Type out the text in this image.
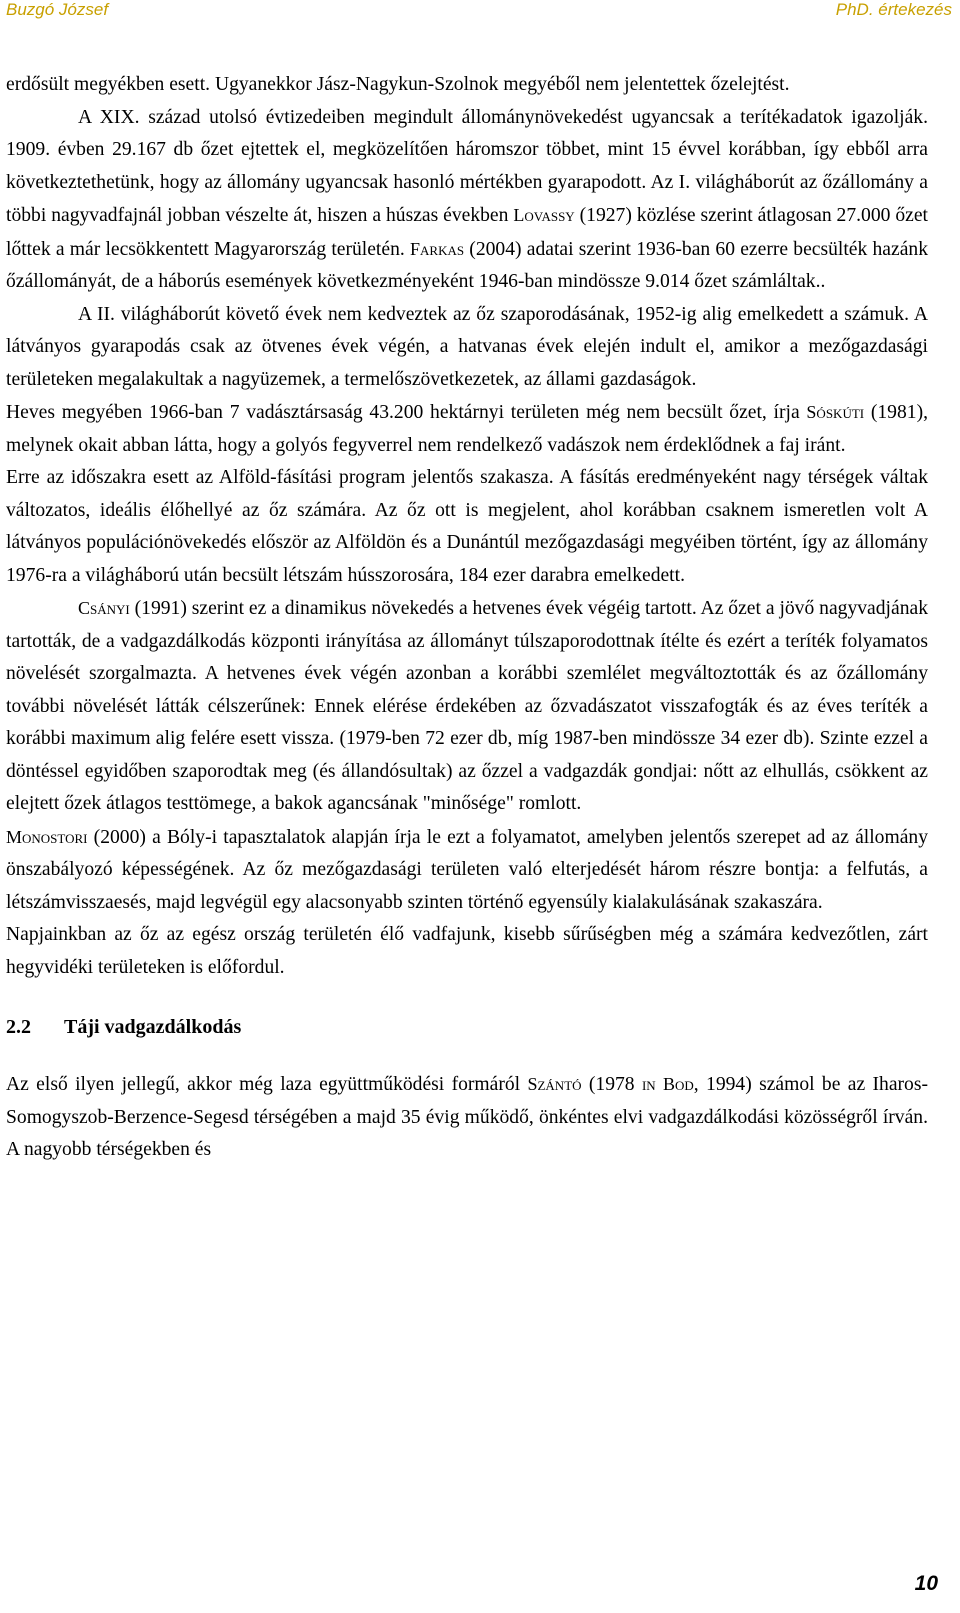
Buzgó József	PhD. értekezés

erdősült megyékben esett. Ugyanekkor Jász-Nagykun-Szolnok megyéből nem jelentettek őzelejtést.

A XIX. század utolsó évtizedeiben megindult állománynövekedést ugyancsak a terítékadatok igazolják. 1909. évben 29.167 db őzet ejtettek el, megközelítően háromszor többet, mint 15 évvel korábban, így ebből arra következtethetünk, hogy az állomány ugyancsak hasonló mértékben gyarapodott. Az I. világháborút az őzállomány a többi nagyvadfajnál jobban vészelte át, hiszen a húszas években Lovassy (1927) közlése szerint átlagosan 27.000 őzet lőttek a már lecsökkentett Magyarország területén. Farkas (2004) adatai szerint 1936-ban 60 ezerre becsülték hazánk őzállományát, de a háborús események következményeként 1946-ban mindössze 9.014 őzet számláltak..

A II. világháborút követő évek nem kedveztek az őz szaporodásának, 1952-ig alig emelkedett a számuk. A látványos gyarapodás csak az ötvenes évek végén, a hatvanas évek elején indult el, amikor a mezőgazdasági területeken megalakultak a nagyüzemek, a termelőszövetkezetek, az állami gazdaságok.

Heves megyében 1966-ban 7 vadásztársaság 43.200 hektárnyi területen még nem becsült őzet, írja Sóskúti (1981), melynek okait abban látta, hogy a golyós fegyverrel nem rendelkező vadászok nem érdeklődnek a faj iránt.

Erre az időszakra esett az Alföld-fásítási program jelentős szakasza. A fásítás eredményeként nagy térségek váltak változatos, ideális élőhellyé az őz számára. Az őz ott is megjelent, ahol korábban csaknem ismeretlen volt A látványos populációnövekedés először az Alföldön és a Dunántúl mezőgazdasági megyéiben történt, így az állomány 1976-ra a világháború után becsült létszám hússzorosára, 184 ezer darabra emelkedett.

Csányi (1991) szerint ez a dinamikus növekedés a hetvenes évek végéig tartott. Az őzet a jövő nagyvadjának tartották, de a vadgazdálkodás központi irányítása az állományt túlszaporodottnak ítélte és ezért a teríték folyamatos növelését szorgalmazta. A hetvenes évek végén azonban a korábbi szemlélet megváltoztották és az őzállomány további növelését látták célszerűnek: Ennek elérése érdekében az őzvadászatot visszafogták és az éves teríték a korábbi maximum alig felére esett vissza. (1979-ben 72 ezer db, míg 1987-ben mindössze 34 ezer db). Szinte ezzel a döntéssel egyidőben szaporodtak meg (és állandósultak) az őzzel a vadgazdák gondjai: nőtt az elhullás, csökkent az elejtett őzek átlagos testtömege, a bakok agancsának "minősége" romlott.

Monostori (2000) a Bóly-i tapasztalatok alapján írja le ezt a folyamatot, amelyben jelentős szerepet ad az állomány önszabályozó képességének. Az őz mezőgazdasági területen való elterjedését három részre bontja: a felfutás, a létszámvisszaesés, majd legvégül egy alacsonyabb szinten történő egyensúly kialakulásának szakaszára.

Napjainkban az őz az egész ország területén élő vadfajunk, kisebb sűrűségben még a számára kedvezőtlen, zárt hegyvidéki területeken is előfordul.

2.2 Táji vadgazdálkodás

Az első ilyen jellegű, akkor még laza együttműködési formáról Szántó (1978 in Bod, 1994) számol be az Iharos-Somogyszob-Berzence-Segesd térségében a majd 35 évig működő, önkéntes elvi vadgazdálkodási közösségről írván. A nagyobb térségekben és

10
